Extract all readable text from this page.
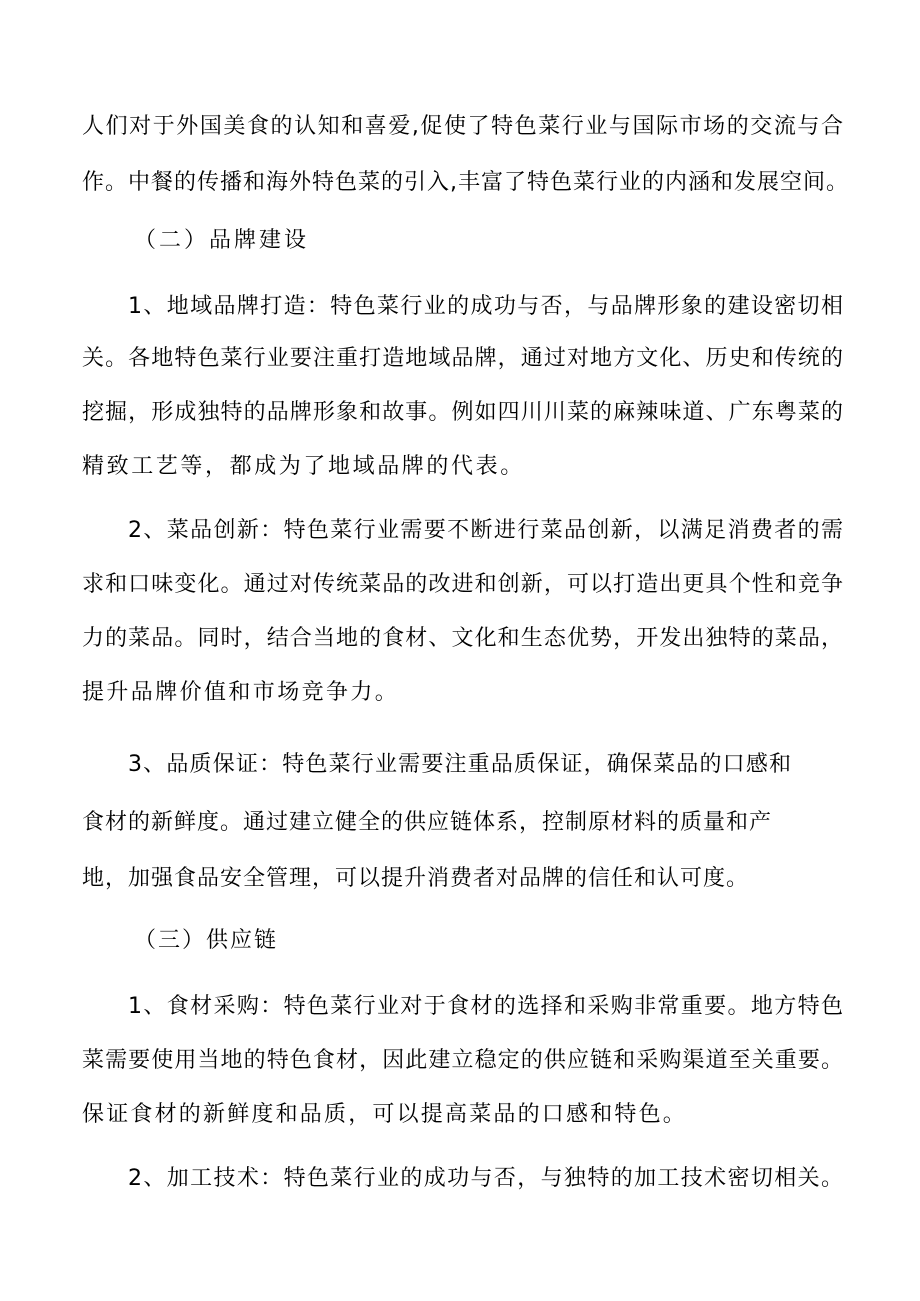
人们对于外国美食的认知和喜爱,促使了特色菜行业与国际市场的交流与合
作。中餐的传播和海外特色菜的引入,丰富了特色菜行业的内涵和发展空间。
（二）品牌建设
1、地域品牌打造：特色菜行业的成功与否，与品牌形象的建设密切相
关。各地特色菜行业要注重打造地域品牌，通过对地方文化、历史和传统的
挖掘，形成独特的品牌形象和故事。例如四川川菜的麻辣味道、广东粤菜的
精致工艺等，都成为了地域品牌的代表。
2、菜品创新：特色菜行业需要不断进行菜品创新，以满足消费者的需
求和口味变化。通过对传统菜品的改进和创新，可以打造出更具个性和竞争
力的菜品。同时，结合当地的食材、文化和生态优势，开发出独特的菜品，
提升品牌价值和市场竞争力。
3、品质保证：特色菜行业需要注重品质保证，确保菜品的口感和
食材的新鲜度。通过建立健全的供应链体系，控制原材料的质量和产
地，加强食品安全管理，可以提升消费者对品牌的信任和认可度。
（三）供应链
1、食材采购：特色菜行业对于食材的选择和采购非常重要。地方特色
菜需要使用当地的特色食材，因此建立稳定的供应链和采购渠道至关重要。
保证食材的新鲜度和品质，可以提高菜品的口感和特色。
2、加工技术：特色菜行业的成功与否，与独特的加工技术密切相关。
